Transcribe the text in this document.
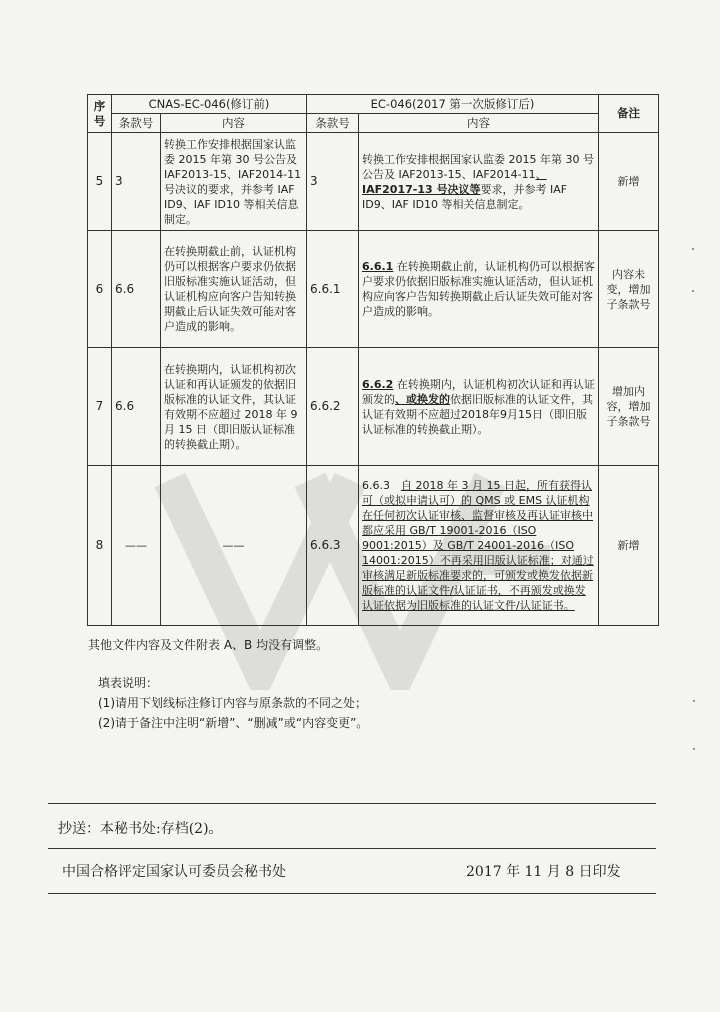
序号	CNAS-EC-046(修订前)		EC-046(2017 第一次版修订后)		备注
	条款号	内容	条款号	内容	
5	3	转换工作安排根据国家认监委 2015 年第 30 号公告及 IAF2013-15、IAF2014-11 号决议的要求，并参考 IAF ID9、IAF ID10 等相关信息制定。	3	转换工作安排根据国家认监委 2015 年第 30 号公告及 IAF2013-15、IAF2014-11、IAF2017-13 号决议等要求，并参考 IAF ID9、IAF ID10 等相关信息制定。	新增
6	6.6	在转换期截止前，认证机构仍可以根据客户要求仍依据旧版标准实施认证活动，但认证机构应向客户告知转换期截止后认证失效可能对客户造成的影响。	6.6.1	6.6.1 在转换期截止前，认证机构仍可以根据客户要求仍依据旧版标准实施认证活动，但认证机构应向客户告知转换期截止后认证失效可能对客户造成的影响。	内容未变，增加子条款号
7	6.6	在转换期内，认证机构初次认证和再认证颁发的依据旧版标准的认证文件，其认证有效期不应超过 2018 年 9 月 15 日（即旧版认证标准的转换截止期）。	6.6.2	6.6.2 在转换期内，认证机构初次认证和再认证颁发的、或换发的依据旧版标准的认证文件，其认证有效期不应超过2018年9月15日（即旧版认证标准的转换截止期）。	增加内容，增加子条款号
8	——	——	6.6.3	6.6.3　自 2018 年 3 月 15 日起，所有获得认可（或拟申请认可）的 QMS 或 EMS 认证机构在任何初次认证审核、监督审核及再认证审核中都应采用 GB/T 19001-2016（ISO 9001:2015）及 GB/T 24001-2016（ISO 14001:2015）不再采用旧版认证标准；对通过审核满足新版标准要求的，可颁发或换发依据新版标准的认证文件/认证证书，不再颁发或换发认证依据为旧版标准的认证文件/认证证书。	新增
其他文件内容及文件附表 A、B 均没有调整。
填表说明：
(1)请用下划线标注修订内容与原条款的不同之处；
(2)请于备注中注明“新增”、“删减”或“内容变更”。
抄送：本秘书处:存档(2)。
中国合格评定国家认可委员会秘书处	2017 年 11 月 8 日印发
